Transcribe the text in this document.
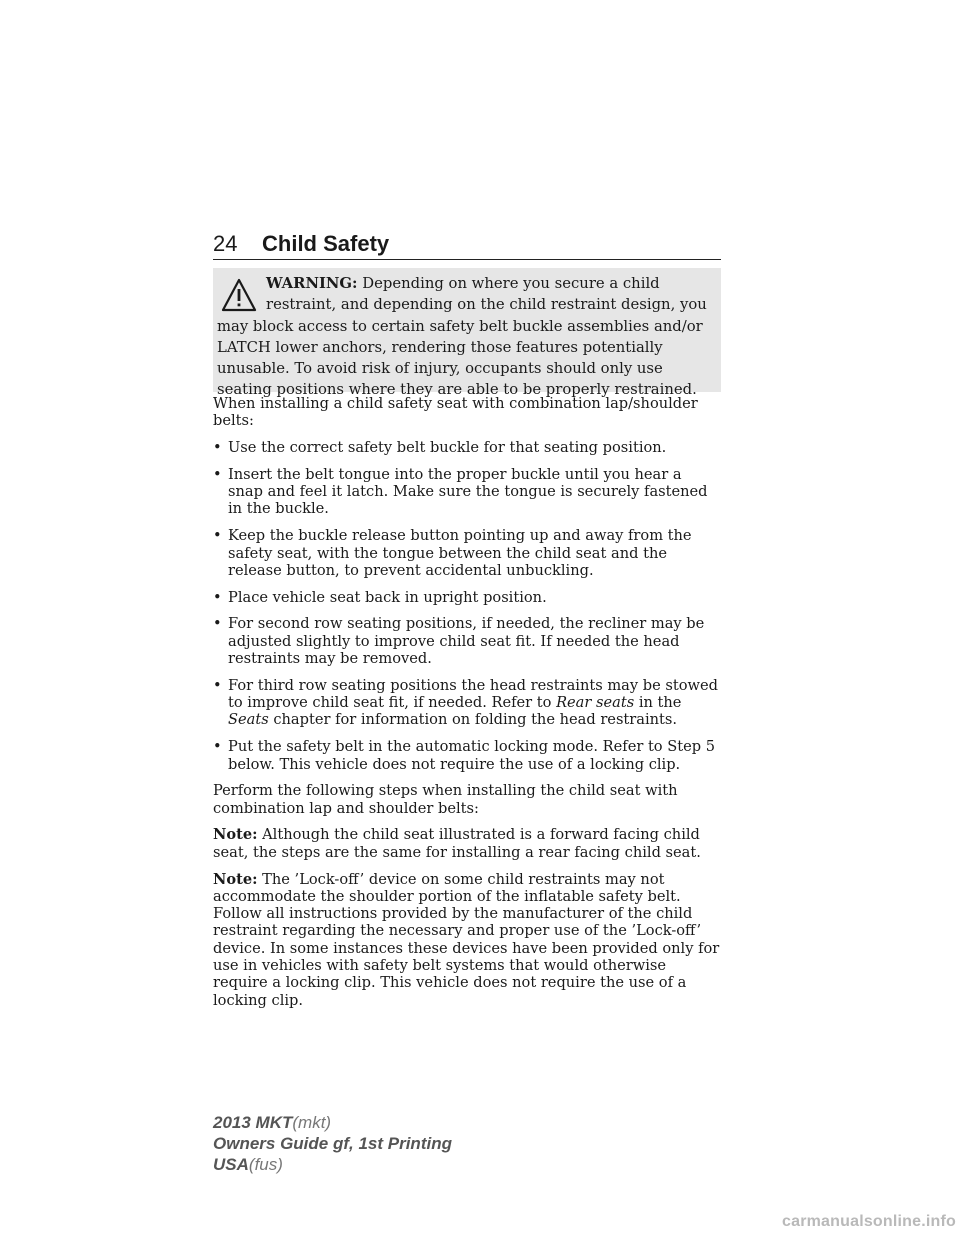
24 Child Safety
WARNING: Depending on where you secure a child restraint, and depending on the child restraint design, you may block access to certain safety belt buckle assemblies and/or LATCH lower anchors, rendering those features potentially unusable. To avoid risk of injury, occupants should only use seating positions where they are able to be properly restrained.

When installing a child safety seat with combination lap/shoulder belts:

• Use the correct safety belt buckle for that seating position.
• Insert the belt tongue into the proper buckle until you hear a snap and feel it latch. Make sure the tongue is securely fastened in the buckle.
• Keep the buckle release button pointing up and away from the safety seat, with the tongue between the child seat and the release button, to prevent accidental unbuckling.
• Place vehicle seat back in upright position.
• For second row seating positions, if needed, the recliner may be adjusted slightly to improve child seat fit. If needed the head restraints may be removed.
• For third row seating positions the head restraints may be stowed to improve child seat fit, if needed. Refer to Rear seats in the Seats chapter for information on folding the head restraints.
• Put the safety belt in the automatic locking mode. Refer to Step 5 below. This vehicle does not require the use of a locking clip.

Perform the following steps when installing the child seat with combination lap and shoulder belts:

Note: Although the child seat illustrated is a forward facing child seat, the steps are the same for installing a rear facing child seat.

Note: The ’Lock-off’ device on some child restraints may not accommodate the shoulder portion of the inflatable safety belt. Follow all instructions provided by the manufacturer of the child restraint regarding the necessary and proper use of the ’Lock-off’ device. In some instances these devices have been provided only for use in vehicles with safety belt systems that would otherwise require a locking clip. This vehicle does not require the use of a locking clip.

2013 MKT(mkt)
Owners Guide gf, 1st Printing
USA(fus)
carmanualsonline.info
